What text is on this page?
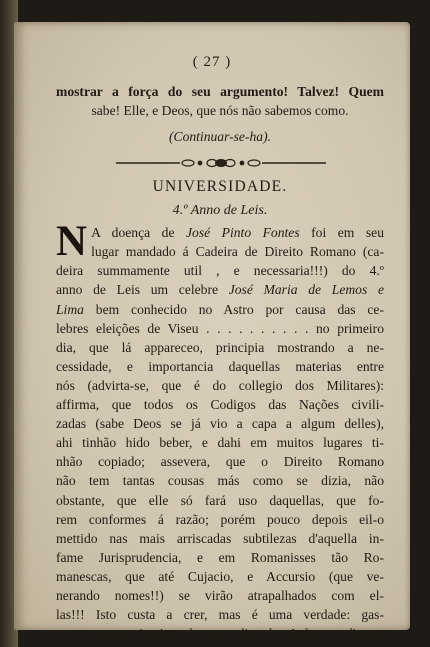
( 27 )
mostrar a força do seu argumento! Talvez! Quem
sabe! Elle, e Deos, que nós não sabemos como.
(Continuar-se-ha).
UNIVERSIDADE.
4.º Anno de Leis.
N A doença de José Pinto Fontes foi em seu
lugar mandado á Cadeira de Direito Romano (ca-
deira summamente util , e necessaria!!!) do 4.º
anno de Leis um celebre José Maria de Lemos e
Lima bem conhecido no Astro por causa das ce-
lebres eleições de Viseu . . . . . . . . . . no primeiro
dia, que lá appareceo, principia mostrando a ne-
cessidade, e importancia daquellas materias entre
nós (advirta-se, que é do collegio dos Militares):
affirma, que todos os Codigos das Nações civili-
zadas (sabe Deos se já vio a capa a algum delles),
ahi tinhão hido beber, e dahi em muitos lugares ti-
nhão copiado; assevera, que o Direito Romano
não tem tantas cousas más como se dizia, não
obstante, que elle só fará uso daquellas, que fo-
rem conformes á razão; porém pouco depois eil-o
mettido nas mais arriscadas subtilezas d'aquella in-
fame Jurisprudencia, e em Romanisses tão Ro-
manescas, que até Cujacio, e Accursio (que ve-
nerando nomes!!) se virão atrapalhados com el-
las!!! Isto custa a crer, mas é uma verdade: gas-
ta o tempo inteiro de um dia de Aula, e d'outro
